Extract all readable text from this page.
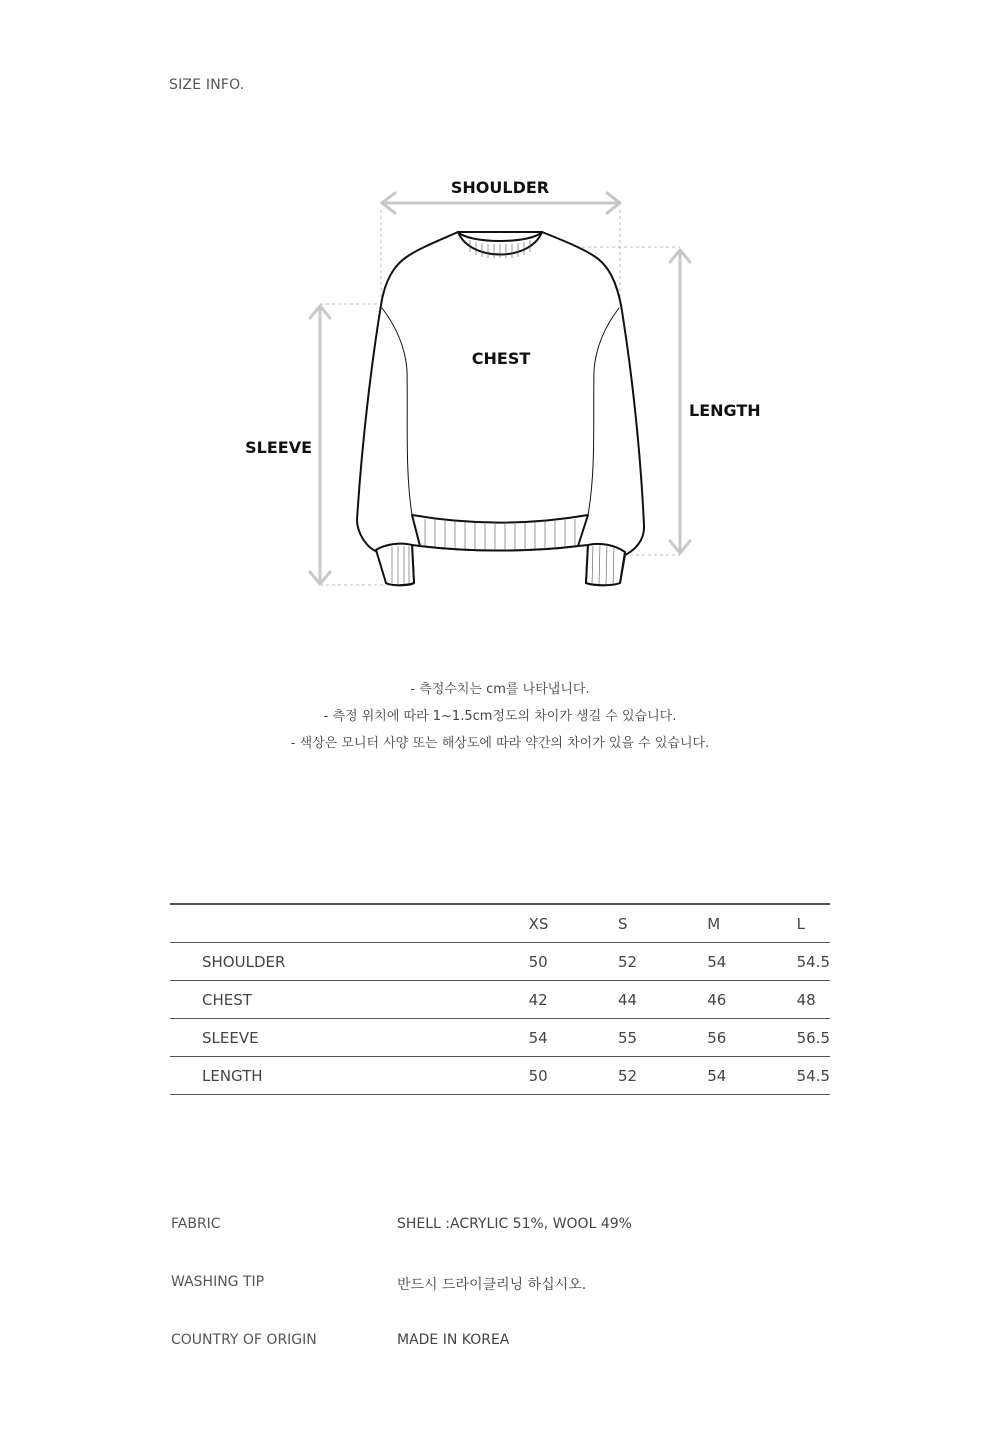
SIZE INFO.
SHOULDER
CHEST
LENGTH
SLEEVE
- 측정수치는 cm를 나타냅니다.
- 측정 위치에 따라 1~1.5cm정도의 차이가 생길 수 있습니다.
- 색상은 모니터 사양 또는 해상도에 따라 약간의 차이가 있을 수 있습니다.
	XS	S	M	L
SHOULDER	50	52	54	54.5
CHEST	42	44	46	48
SLEEVE	54	55	56	56.5
LENGTH	50	52	54	54.5
FABRIC	SHELL :ACRYLIC 51%, WOOL 49%
WASHING TIP	반드시 드라이클리닝 하십시오.
COUNTRY OF ORIGIN	MADE IN KOREA
